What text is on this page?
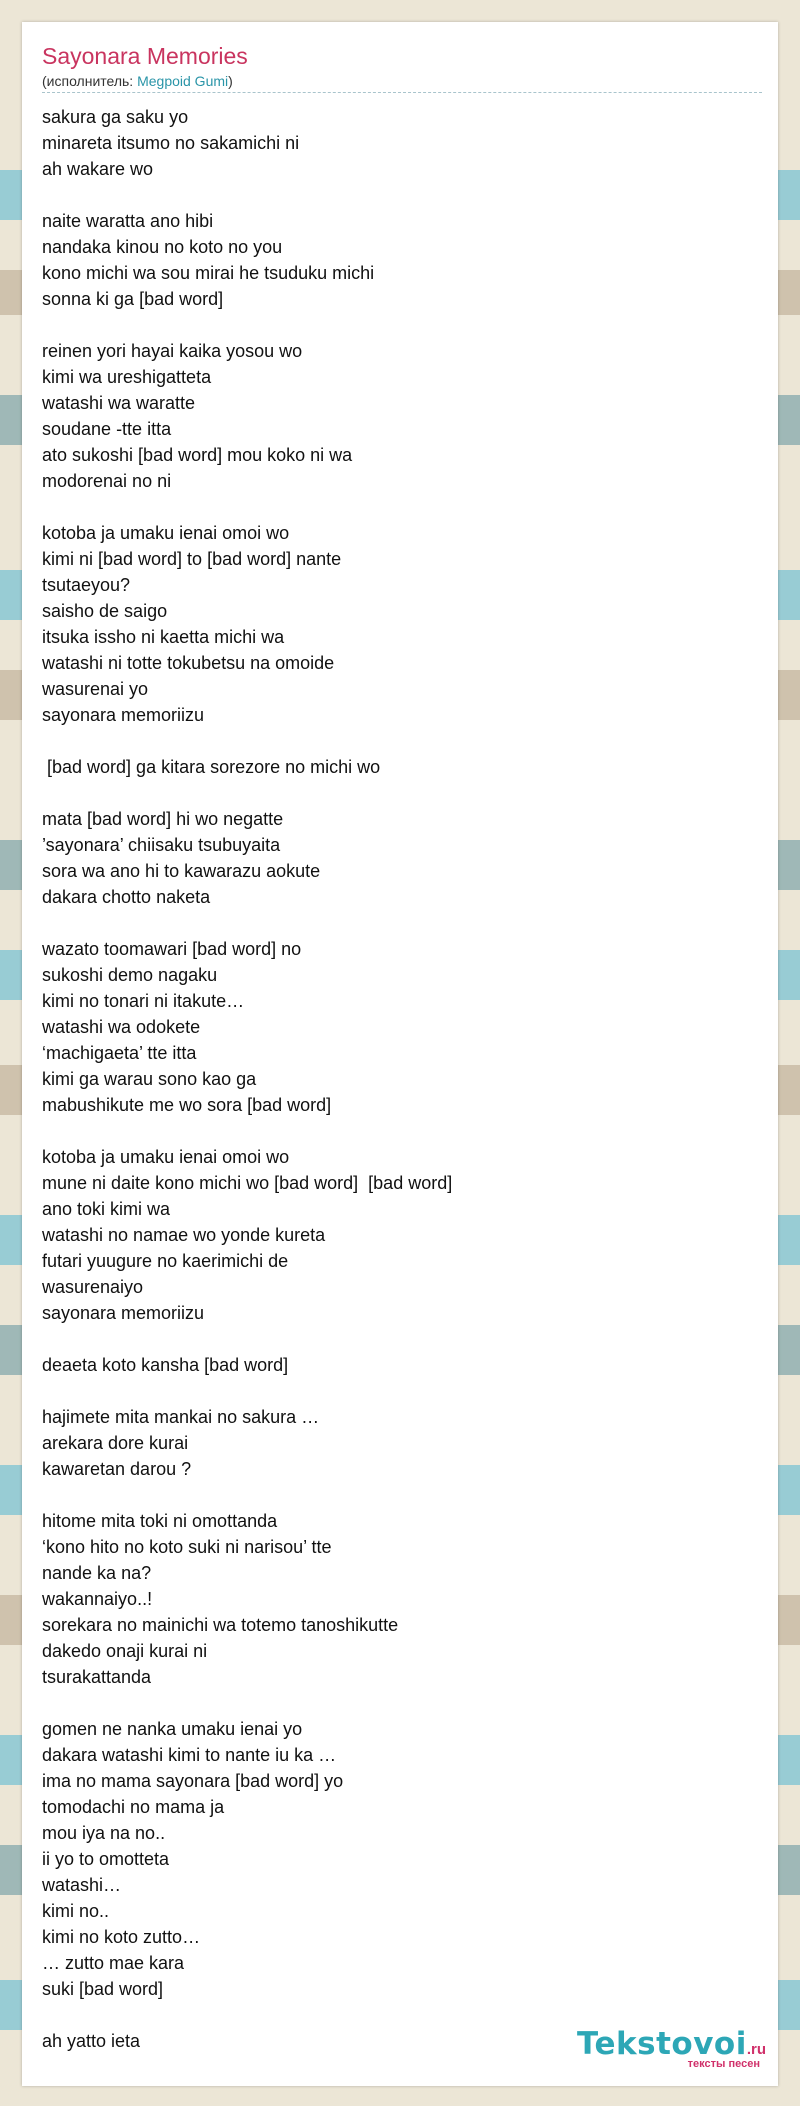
Sayonara Memories
(исполнитель: Megpoid Gumi)
sakura ga saku yo
minareta itsumo no sakamichi ni
ah wakare wo
naite waratta ano hibi
nandaka kinou no koto no you
kono michi wa sou mirai he tsuduku michi
sonna ki ga [bad word]
reinen yori hayai kaika yosou wo
kimi wa ureshigatteta
watashi wa waratte
soudane -tte itta
ato sukoshi [bad word] mou koko ni wa
modorenai no ni
kotoba ja umaku ienai omoi wo
kimi ni [bad word] to [bad word] nante
tsutaeyou?
saisho de saigo
itsuka issho ni kaetta michi wa
watashi ni totte tokubetsu na omoide
wasurenai yo
sayonara memoriizu
[bad word] ga kitara sorezore no michi wo
mata [bad word] hi wo negatte
’sayonara’ chiisaku tsubuyaita
sora wa ano hi to kawarazu aokute
dakara chotto naketa
wazato toomawari [bad word] no
sukoshi demo nagaku
kimi no tonari ni itakute…
watashi wa odokete
‘machigaeta’ tte itta
kimi ga warau sono kao ga
mabushikute me wo sora [bad word]
kotoba ja umaku ienai omoi wo
mune ni daite kono michi wo [bad word]  [bad word]
ano toki kimi wa
watashi no namae wo yonde kureta
futari yuugure no kaerimichi de
wasurenaiyo
sayonara memoriizu
deaeta koto kansha [bad word]
hajimete mita mankai no sakura …
arekara dore kurai
kawaretan darou ?
hitome mita toki ni omottanda
‘kono hito no koto suki ni narisou’ tte
nande ka na?
wakannaiyo..!
sorekara no mainichi wa totemo tanoshikutte
dakedo onaji kurai ni
tsurakattanda
gomen ne nanka umaku ienai yo
dakara watashi kimi to nante iu ka …
ima no mama sayonara [bad word] yo
tomodachi no mama ja
mou iya na no..
ii yo to omotteta
watashi…
kimi no..
kimi no koto zutto…
… zutto mae kara
suki [bad word]
ah yatto ieta	Tekstovoi.ru
тексты песен
